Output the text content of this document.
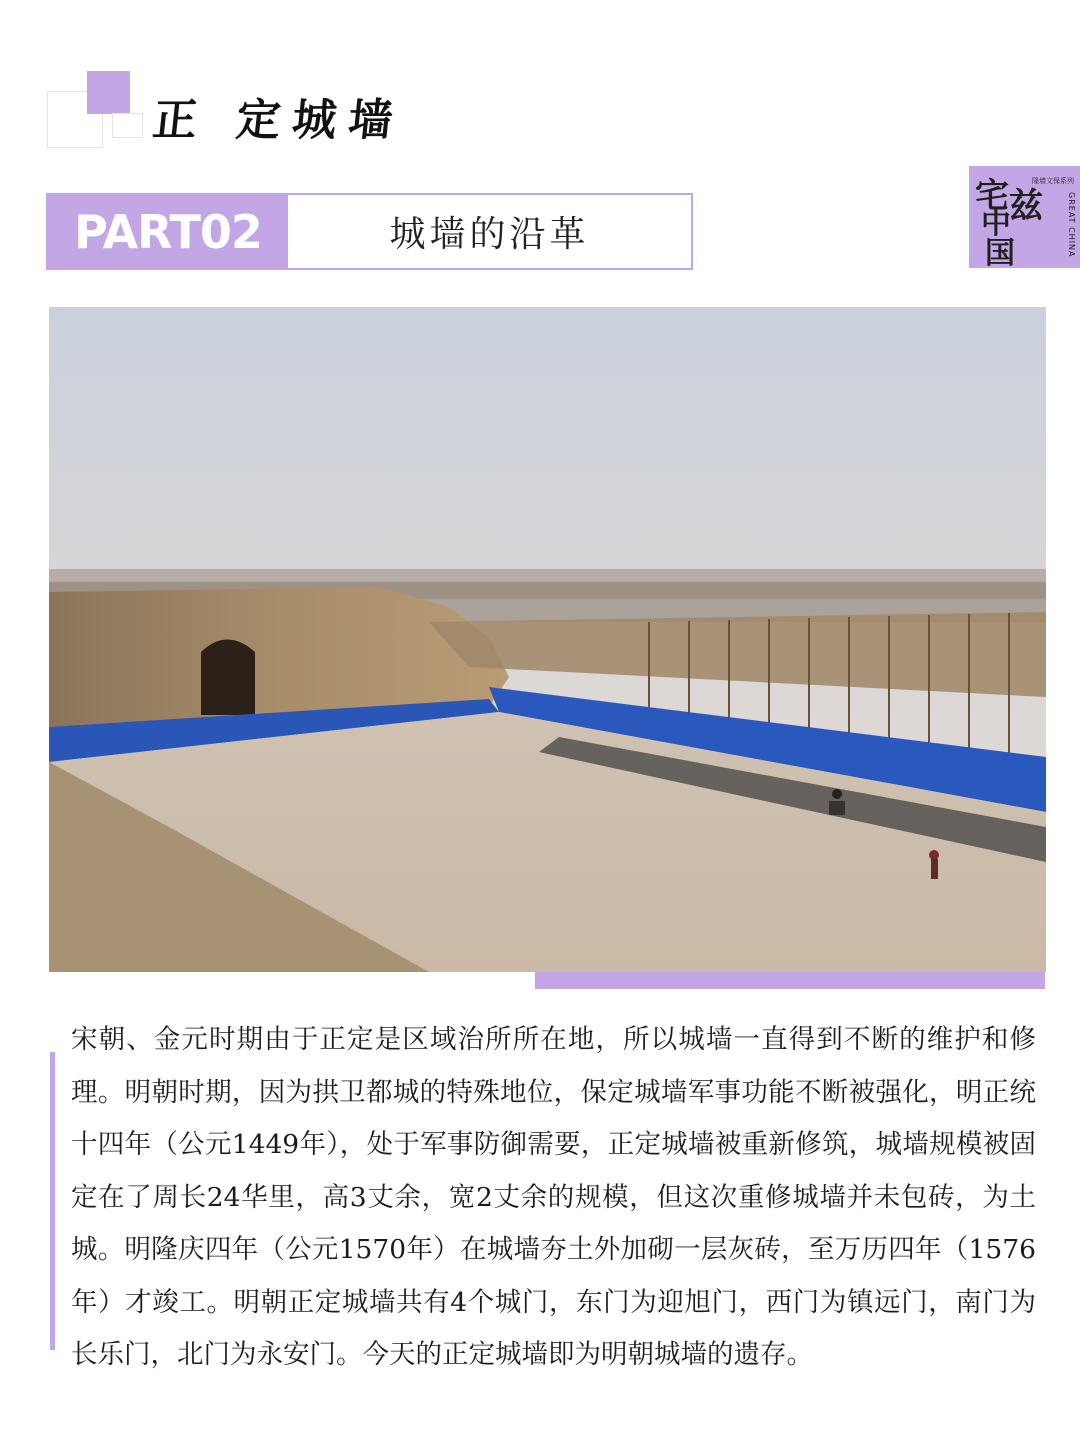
正 定城墙
PART02	城墙的沿革
宅 兹
中
国
隆墙文保系列
GREAT CHINA

宋朝、金元时期由于正定是区域治所所在地，所以城墙一直得到不断的维护和修理。明朝时期，因为拱卫都城的特殊地位，保定城墙军事功能不断被强化，明正统十四年（公元1449年），处于军事防御需要，正定城墙被重新修筑，城墙规模被固定在了周长24华里，高3丈余，宽2丈余的规模，但这次重修城墙并未包砖，为土城。明隆庆四年（公元1570年）在城墙夯土外加砌一层灰砖，至万历四年（1576年）才竣工。明朝正定城墙共有4个城门，东门为迎旭门，西门为镇远门，南门为长乐门，北门为永安门。今天的正定城墙即为明朝城墙的遗存。
